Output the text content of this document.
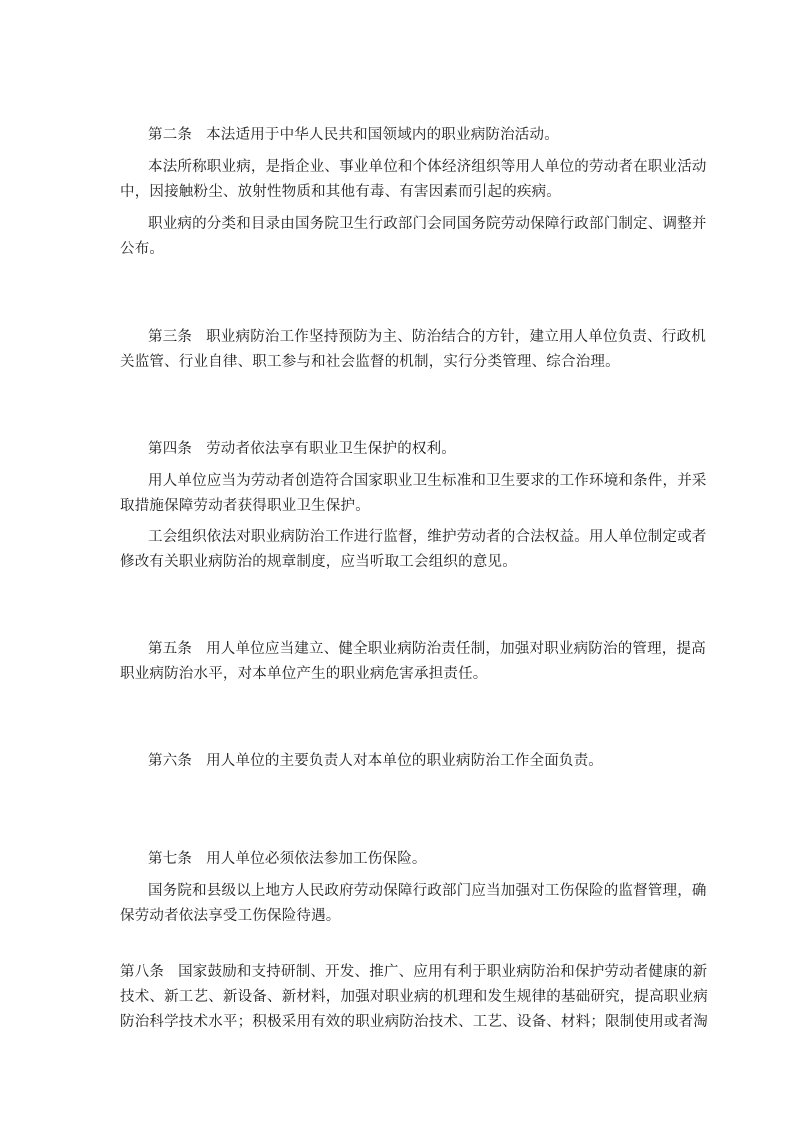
第二条 本法适用于中华人民共和国领域内的职业病防治活动。
本法所称职业病，是指企业、事业单位和个体经济组织等用人单位的劳动者在职业活动
中，因接触粉尘、放射性物质和其他有毒、有害因素而引起的疾病。
职业病的分类和目录由国务院卫生行政部门会同国务院劳动保障行政部门制定、调整并
公布。
第三条 职业病防治工作坚持预防为主、防治结合的方针，建立用人单位负责、行政机
关监管、行业自律、职工参与和社会监督的机制，实行分类管理、综合治理。
第四条 劳动者依法享有职业卫生保护的权利。
用人单位应当为劳动者创造符合国家职业卫生标准和卫生要求的工作环境和条件，并采
取措施保障劳动者获得职业卫生保护。
工会组织依法对职业病防治工作进行监督，维护劳动者的合法权益。用人单位制定或者
修改有关职业病防治的规章制度，应当听取工会组织的意见。
第五条 用人单位应当建立、健全职业病防治责任制，加强对职业病防治的管理，提高
职业病防治水平，对本单位产生的职业病危害承担责任。
第六条 用人单位的主要负责人对本单位的职业病防治工作全面负责。
第七条 用人单位必须依法参加工伤保险。
国务院和县级以上地方人民政府劳动保障行政部门应当加强对工伤保险的监督管理，确
保劳动者依法享受工伤保险待遇。
第八条 国家鼓励和支持研制、开发、推广、应用有利于职业病防治和保护劳动者健康的新
技术、新工艺、新设备、新材料，加强对职业病的机理和发生规律的基础研究，提高职业病
防治科学技术水平；积极采用有效的职业病防治技术、工艺、设备、材料；限制使用或者淘
